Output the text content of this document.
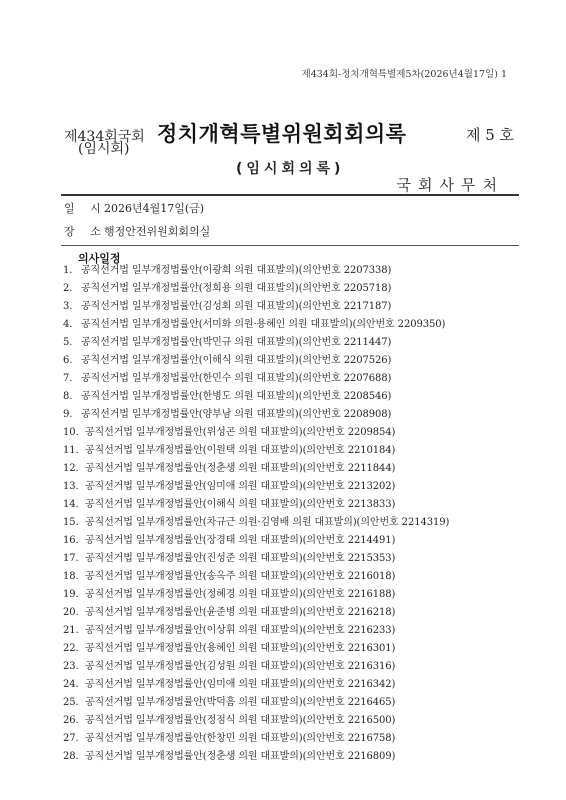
제434회-정치개혁특별제5차(2026년4월17일) 1
제434회국회 정치개혁특별위원회회의록	제 5 호
(임시회)
(임시회의록)
국회사무처
일 시2026년4월17일(금)
장 소행정안전위원회회의실
의사일정
1. 공직선거법 일부개정법률안(이광희 의원 대표발의)(의안번호 2207338)
2. 공직선거법 일부개정법률안(정희용 의원 대표발의)(의안번호 2205718)
3. 공직선거법 일부개정법률안(김성회 의원 대표발의)(의안번호 2217187)
4. 공직선거법 일부개정법률안(서미화 의원·용혜인 의원 대표발의)(의안번호 2209350)
5. 공직선거법 일부개정법률안(박민규 의원 대표발의)(의안번호 2211447)
6. 공직선거법 일부개정법률안(이해식 의원 대표발의)(의안번호 2207526)
7. 공직선거법 일부개정법률안(한민수 의원 대표발의)(의안번호 2207688)
8. 공직선거법 일부개정법률안(한병도 의원 대표발의)(의안번호 2208546)
9. 공직선거법 일부개정법률안(양부남 의원 대표발의)(의안번호 2208908)
10. 공직선거법 일부개정법률안(위성곤 의원 대표발의)(의안번호 2209854)
11. 공직선거법 일부개정법률안(이원택 의원 대표발의)(의안번호 2210184)
12. 공직선거법 일부개정법률안(정춘생 의원 대표발의)(의안번호 2211844)
13. 공직선거법 일부개정법률안(임미애 의원 대표발의)(의안번호 2213202)
14. 공직선거법 일부개정법률안(이해식 의원 대표발의)(의안번호 2213833)
15. 공직선거법 일부개정법률안(차규근 의원·김영배 의원 대표발의)(의안번호 2214319)
16. 공직선거법 일부개정법률안(장경태 의원 대표발의)(의안번호 2214491)
17. 공직선거법 일부개정법률안(진성준 의원 대표발의)(의안번호 2215353)
18. 공직선거법 일부개정법률안(송옥주 의원 대표발의)(의안번호 2216018)
19. 공직선거법 일부개정법률안(정혜경 의원 대표발의)(의안번호 2216188)
20. 공직선거법 일부개정법률안(윤준병 의원 대표발의)(의안번호 2216218)
21. 공직선거법 일부개정법률안(이상휘 의원 대표발의)(의안번호 2216233)
22. 공직선거법 일부개정법률안(용혜인 의원 대표발의)(의안번호 2216301)
23. 공직선거법 일부개정법률안(김성원 의원 대표발의)(의안번호 2216316)
24. 공직선거법 일부개정법률안(임미애 의원 대표발의)(의안번호 2216342)
25. 공직선거법 일부개정법률안(박덕흠 의원 대표발의)(의안번호 2216465)
26. 공직선거법 일부개정법률안(정점식 의원 대표발의)(의안번호 2216500)
27. 공직선거법 일부개정법률안(한창민 의원 대표발의)(의안번호 2216758)
28. 공직선거법 일부개정법률안(정춘생 의원 대표발의)(의안번호 2216809)
